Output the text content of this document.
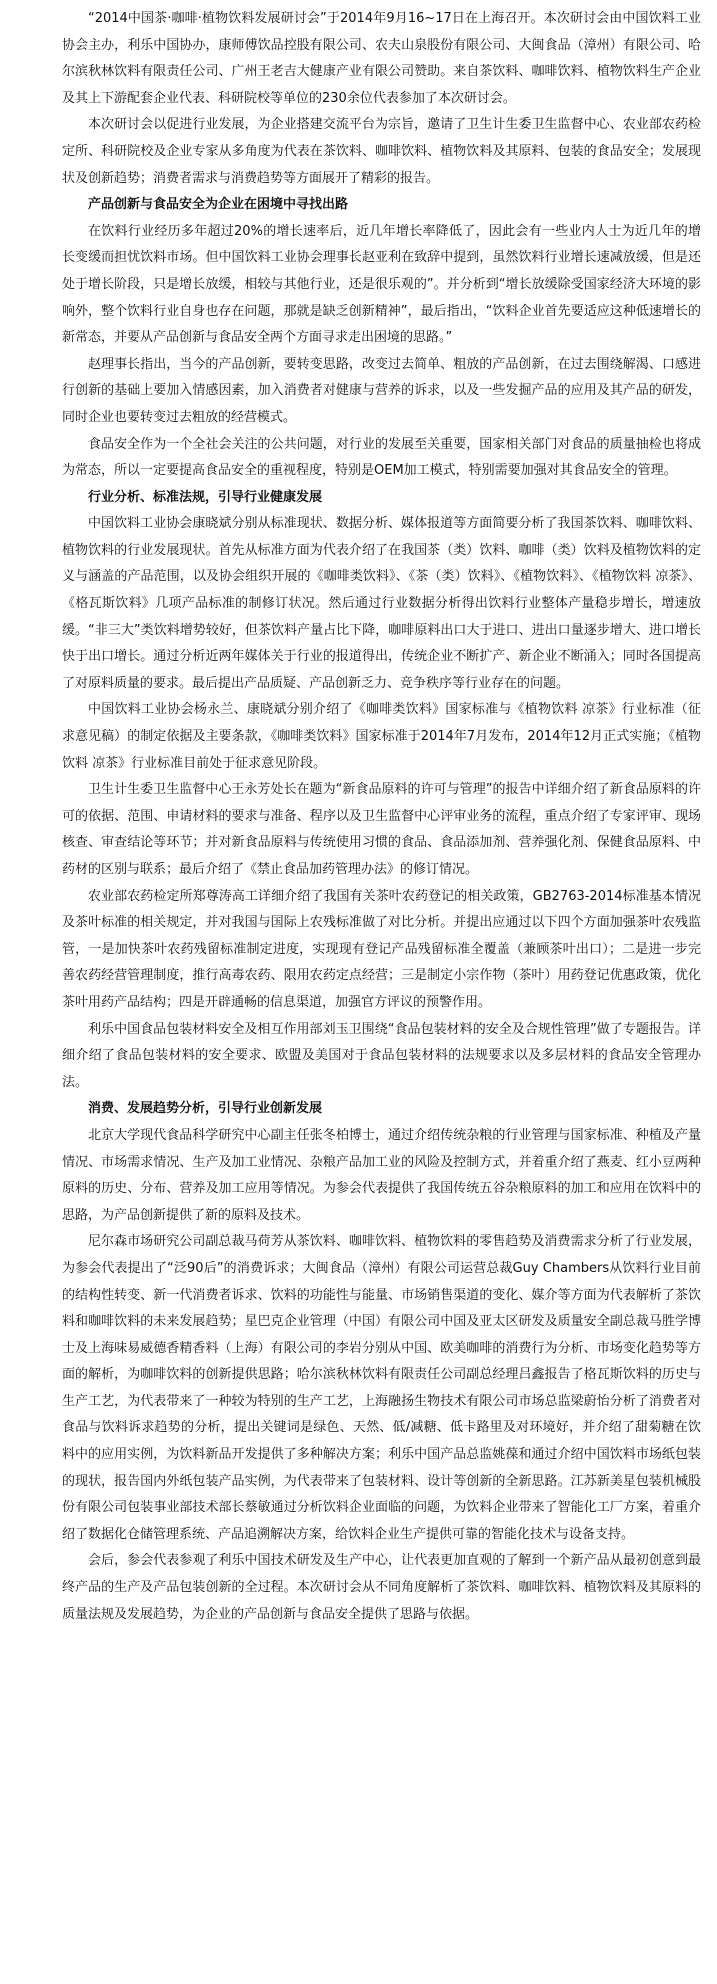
“2014中国茶·咖啡·植物饮料发展研讨会”于2014年9月16~17日在上海召开。本次研讨会由中国饮料工业协会主办，利乐中国协办，康师傅饮品控股有限公司、农夫山泉股份有限公司、大闽食品（漳州）有限公司、哈尔滨秋林饮料有限责任公司、广州王老吉大健康产业有限公司赞助。来自茶饮料、咖啡饮料、植物饮料生产企业及其上下游配套企业代表、科研院校等单位的230余位代表参加了本次研讨会。

本次研讨会以促进行业发展，为企业搭建交流平台为宗旨，邀请了卫生计生委卫生监督中心、农业部农药检定所、科研院校及企业专家从多角度为代表在茶饮料、咖啡饮料、植物饮料及其原料、包装的食品安全；发展现状及创新趋势；消费者需求与消费趋势等方面展开了精彩的报告。

产品创新与食品安全为企业在困境中寻找出路

在饮料行业经历多年超过20%的增长速率后，近几年增长率降低了，因此会有一些业内人士为近几年的增长变缓而担忧饮料市场。但中国饮料工业协会理事长赵亚利在致辞中提到，虽然饮料行业增长速减放缓，但是还处于增长阶段，只是增长放缓，相较与其他行业，还是很乐观的”。并分析到“增长放缓除受国家经济大环境的影响外，整个饮料行业自身也存在问题，那就是缺乏创新精神”，最后指出，“饮料企业首先要适应这种低速增长的新常态，并要从产品创新与食品安全两个方面寻求走出困境的思路。”

赵理事长指出，当今的产品创新，要转变思路，改变过去简单、粗放的产品创新，在过去围绕解渴、口感进行创新的基础上要加入情感因素，加入消费者对健康与营养的诉求，以及一些发掘产品的应用及其产品的研发，同时企业也要转变过去粗放的经营模式。

食品安全作为一个全社会关注的公共问题，对行业的发展至关重要，国家相关部门对食品的质量抽检也将成为常态，所以一定要提高食品安全的重视程度，特别是OEM加工模式，特别需要加强对其食品安全的管理。

行业分析、标准法规，引导行业健康发展

中国饮料工业协会康晓斌分别从标准现状、数据分析、媒体报道等方面简要分析了我国茶饮料、咖啡饮料、植物饮料的行业发展现状。首先从标准方面为代表介绍了在我国茶（类）饮料、咖啡（类）饮料及植物饮料的定义与涵盖的产品范围，以及协会组织开展的《咖啡类饮料》、《茶（类）饮料》、《植物饮料》、《植物饮料 凉茶》、《格瓦斯饮料》几项产品标准的制修订状况。然后通过行业数据分析得出饮料行业整体产量稳步增长，增速放缓。“非三大”类饮料增势较好，但茶饮料产量占比下降，咖啡原料出口大于进口、进出口量逐步增大、进口增长快于出口增长。通过分析近两年媒体关于行业的报道得出，传统企业不断扩产、新企业不断涌入；同时各国提高了对原料质量的要求。最后提出产品质疑、产品创新乏力、竞争秩序等行业存在的问题。

中国饮料工业协会杨永兰、康晓斌分别介绍了《咖啡类饮料》国家标准与《植物饮料 凉茶》行业标准（征求意见稿）的制定依据及主要条款，《咖啡类饮料》国家标准于2014年7月发布，2014年12月正式实施；《植物饮料 凉茶》行业标准目前处于征求意见阶段。

卫生计生委卫生监督中心王永芳处长在题为“新食品原料的许可与管理”的报告中详细介绍了新食品原料的许可的依据、范围、申请材料的要求与准备、程序以及卫生监督中心评审业务的流程，重点介绍了专家评审、现场核查、审查结论等环节；并对新食品原料与传统使用习惯的食品、食品添加剂、营养强化剂、保健食品原料、中药材的区别与联系；最后介绍了《禁止食品加药管理办法》的修订情况。

农业部农药检定所郑尊涛高工详细介绍了我国有关茶叶农药登记的相关政策，GB2763-2014标准基本情况及茶叶标准的相关规定，并对我国与国际上农残标准做了对比分析。并提出应通过以下四个方面加强茶叶农残监管，一是加快茶叶农药残留标准制定进度，实现现有登记产品残留标准全覆盖（兼顾茶叶出口）；二是进一步完善农药经营管理制度，推行高毒农药、限用农药定点经营；三是制定小宗作物（茶叶）用药登记优惠政策，优化茶叶用药产品结构；四是开辟通畅的信息渠道，加强官方评议的预警作用。

利乐中国食品包装材料安全及相互作用部刘玉卫围绕“食品包装材料的安全及合规性管理”做了专题报告。详细介绍了食品包装材料的安全要求、欧盟及美国对于食品包装材料的法规要求以及多层材料的食品安全管理办法。

消费、发展趋势分析，引导行业创新发展

北京大学现代食品科学研究中心副主任张冬柏博士，通过介绍传统杂粮的行业管理与国家标准、种植及产量情况、市场需求情况、生产及加工业情况、杂粮产品加工业的风险及控制方式，并着重介绍了燕麦、红小豆两种原料的历史、分布、营养及加工应用等情况。为参会代表提供了我国传统五谷杂粮原料的加工和应用在饮料中的思路，为产品创新提供了新的原料及技术。

尼尔森市场研究公司副总裁马荷芳从茶饮料、咖啡饮料、植物饮料的零售趋势及消费需求分析了行业发展，为参会代表提出了“泛90后”的消费诉求；大闽食品（漳州）有限公司运营总裁Guy Chambers从饮料行业目前的结构性转变、新一代消费者诉求、饮料的功能性与能量、市场销售渠道的变化、媒介等方面为代表解析了茶饮料和咖啡饮料的未来发展趋势；星巴克企业管理（中国）有限公司中国及亚太区研发及质量安全副总裁马胜学博士及上海味易威德香精香料（上海）有限公司的李岩分别从中国、欧美咖啡的消费行为分析、市场变化趋势等方面的解析，为咖啡饮料的创新提供思路；哈尔滨秋林饮料有限责任公司副总经理吕鑫报告了格瓦斯饮料的历史与生产工艺，为代表带来了一种较为特别的生产工艺，上海融扬生物技术有限公司市场总监梁蔚怡分析了消费者对食品与饮料诉求趋势的分析，提出关键词是绿色、天然、低/减糖、低卡路里及对环境好，并介绍了甜菊糖在饮料中的应用实例，为饮料新品开发提供了多种解决方案；利乐中国产品总监姚葆和通过介绍中国饮料市场纸包装的现状，报告国内外纸包装产品实例，为代表带来了包装材料、设计等创新的全新思路。江苏新美星包装机械股份有限公司包装事业部技术部长蔡敏通过分析饮料企业面临的问题，为饮料企业带来了智能化工厂方案，着重介绍了数据化仓储管理系统、产品追溯解决方案，给饮料企业生产提供可靠的智能化技术与设备支持。

会后，参会代表参观了利乐中国技术研发及生产中心，让代表更加直观的了解到一个新产品从最初创意到最终产品的生产及产品包装创新的全过程。本次研讨会从不同角度解析了茶饮料、咖啡饮料、植物饮料及其原料的质量法规及发展趋势，为企业的产品创新与食品安全提供了思路与依据。
